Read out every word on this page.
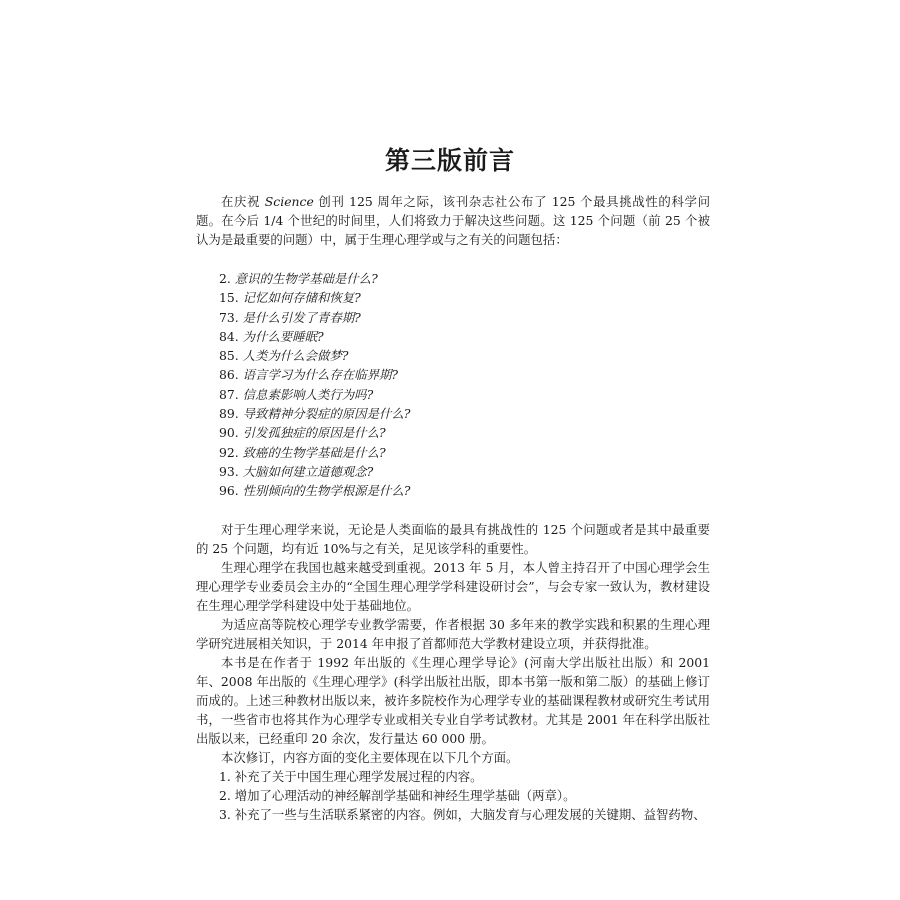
第三版前言

在庆祝 Science 创刊 125 周年之际，该刊杂志社公布了 125 个最具挑战性的科学问题。在今后 1/4 个世纪的时间里，人们将致力于解决这些问题。这 125 个问题（前 25 个被认为是最重要的问题）中，属于生理心理学或与之有关的问题包括：

2. 意识的生物学基础是什么?
15. 记忆如何存储和恢复?
73. 是什么引发了青春期?
84. 为什么要睡眠?
85. 人类为什么会做梦?
86. 语言学习为什么存在临界期?
87. 信息素影响人类行为吗?
89. 导致精神分裂症的原因是什么?
90. 引发孤独症的原因是什么?
92. 致癌的生物学基础是什么?
93. 大脑如何建立道德观念?
96. 性别倾向的生物学根源是什么?

对于生理心理学来说，无论是人类面临的最具有挑战性的 125 个问题或者是其中最重要的 25 个问题，均有近 10%与之有关，足见该学科的重要性。

生理心理学在我国也越来越受到重视。2013 年 5 月，本人曾主持召开了中国心理学会生理心理学专业委员会主办的“全国生理心理学学科建设研讨会”，与会专家一致认为，教材建设在生理心理学学科建设中处于基础地位。

为适应高等院校心理学专业教学需要，作者根据 30 多年来的教学实践和积累的生理心理学研究进展相关知识，于 2014 年申报了首都师范大学教材建设立项，并获得批准。

本书是在作者于 1992 年出版的《生理心理学导论》(河南大学出版社出版）和 2001 年、2008 年出版的《生理心理学》(科学出版社出版，即本书第一版和第二版）的基础上修订而成的。上述三种教材出版以来，被许多院校作为心理学专业的基础课程教材或研究生考试用书，一些省市也将其作为心理学专业或相关专业自学考试教材。尤其是 2001 年在科学出版社出版以来，已经重印 20 余次，发行量达 60 000 册。

本次修订，内容方面的变化主要体现在以下几个方面。

1. 补充了关于中国生理心理学发展过程的内容。
2. 增加了心理活动的神经解剖学基础和神经生理学基础（两章）。
3. 补充了一些与生活联系紧密的内容。例如，大脑发育与心理发展的关键期、益智药物、
